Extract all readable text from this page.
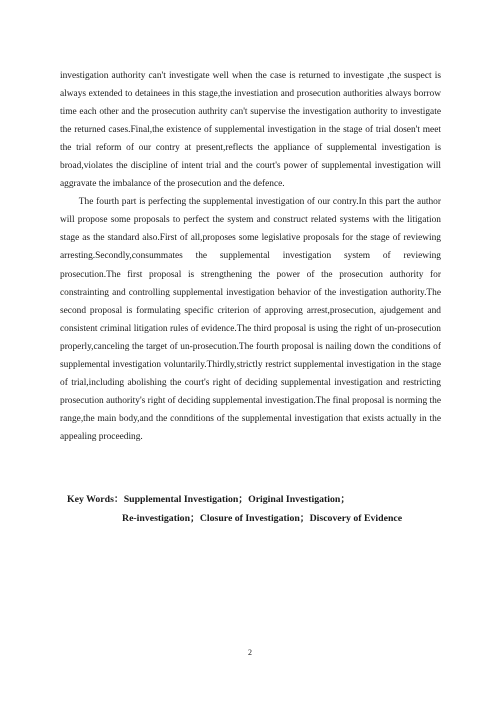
investigation authority can't investigate well when the case is returned to investigate ,the suspect is always extended to detainees in this stage,the investiation and prosecution authorities always borrow time each other and the prosecution authrity can't supervise the investigation authority to investigate the returned cases.Final,the existence of supplemental investigation in the stage of trial dosen't meet the trial reform of our contry at present,reflects the appliance of supplemental investigation is broad,violates the discipline of intent trial and the court's power of supplemental investigation will aggravate the imbalance of the prosecution and the defence.

The fourth part is perfecting the supplemental investigation of our contry.In this part the author will propose some proposals to perfect the system and construct related systems with the litigation stage as the standard also.First of all,proposes some legislative proposals for the stage of reviewing arresting.Secondly,consummates the supplemental investigation system of reviewing prosecution.The first proposal is strengthening the power of the prosecution authority for constrainting and controlling supplemental investigation behavior of the investigation authority.The second proposal is formulating specific criterion of approving arrest,prosecution, ajudgement and consistent criminal litigation rules of evidence.The third proposal is using the right of un-prosecution properly,canceling the target of un-prosecution.The fourth proposal is nailing down the conditions of supplemental investigation voluntarily.Thirdly,strictly restrict supplemental investigation in the stage of trial,including abolishing the court's right of deciding supplemental investigation and restricting prosecution authority's right of deciding supplemental investigation.The final proposal is norming the range,the main body,and the connditions of the supplemental investigation that exists actually in the appealing proceeding.

Key Words：Supplemental Investigation；Original Investigation；
Re-investigation；Closure of Investigation；Discovery of Evidence
2
